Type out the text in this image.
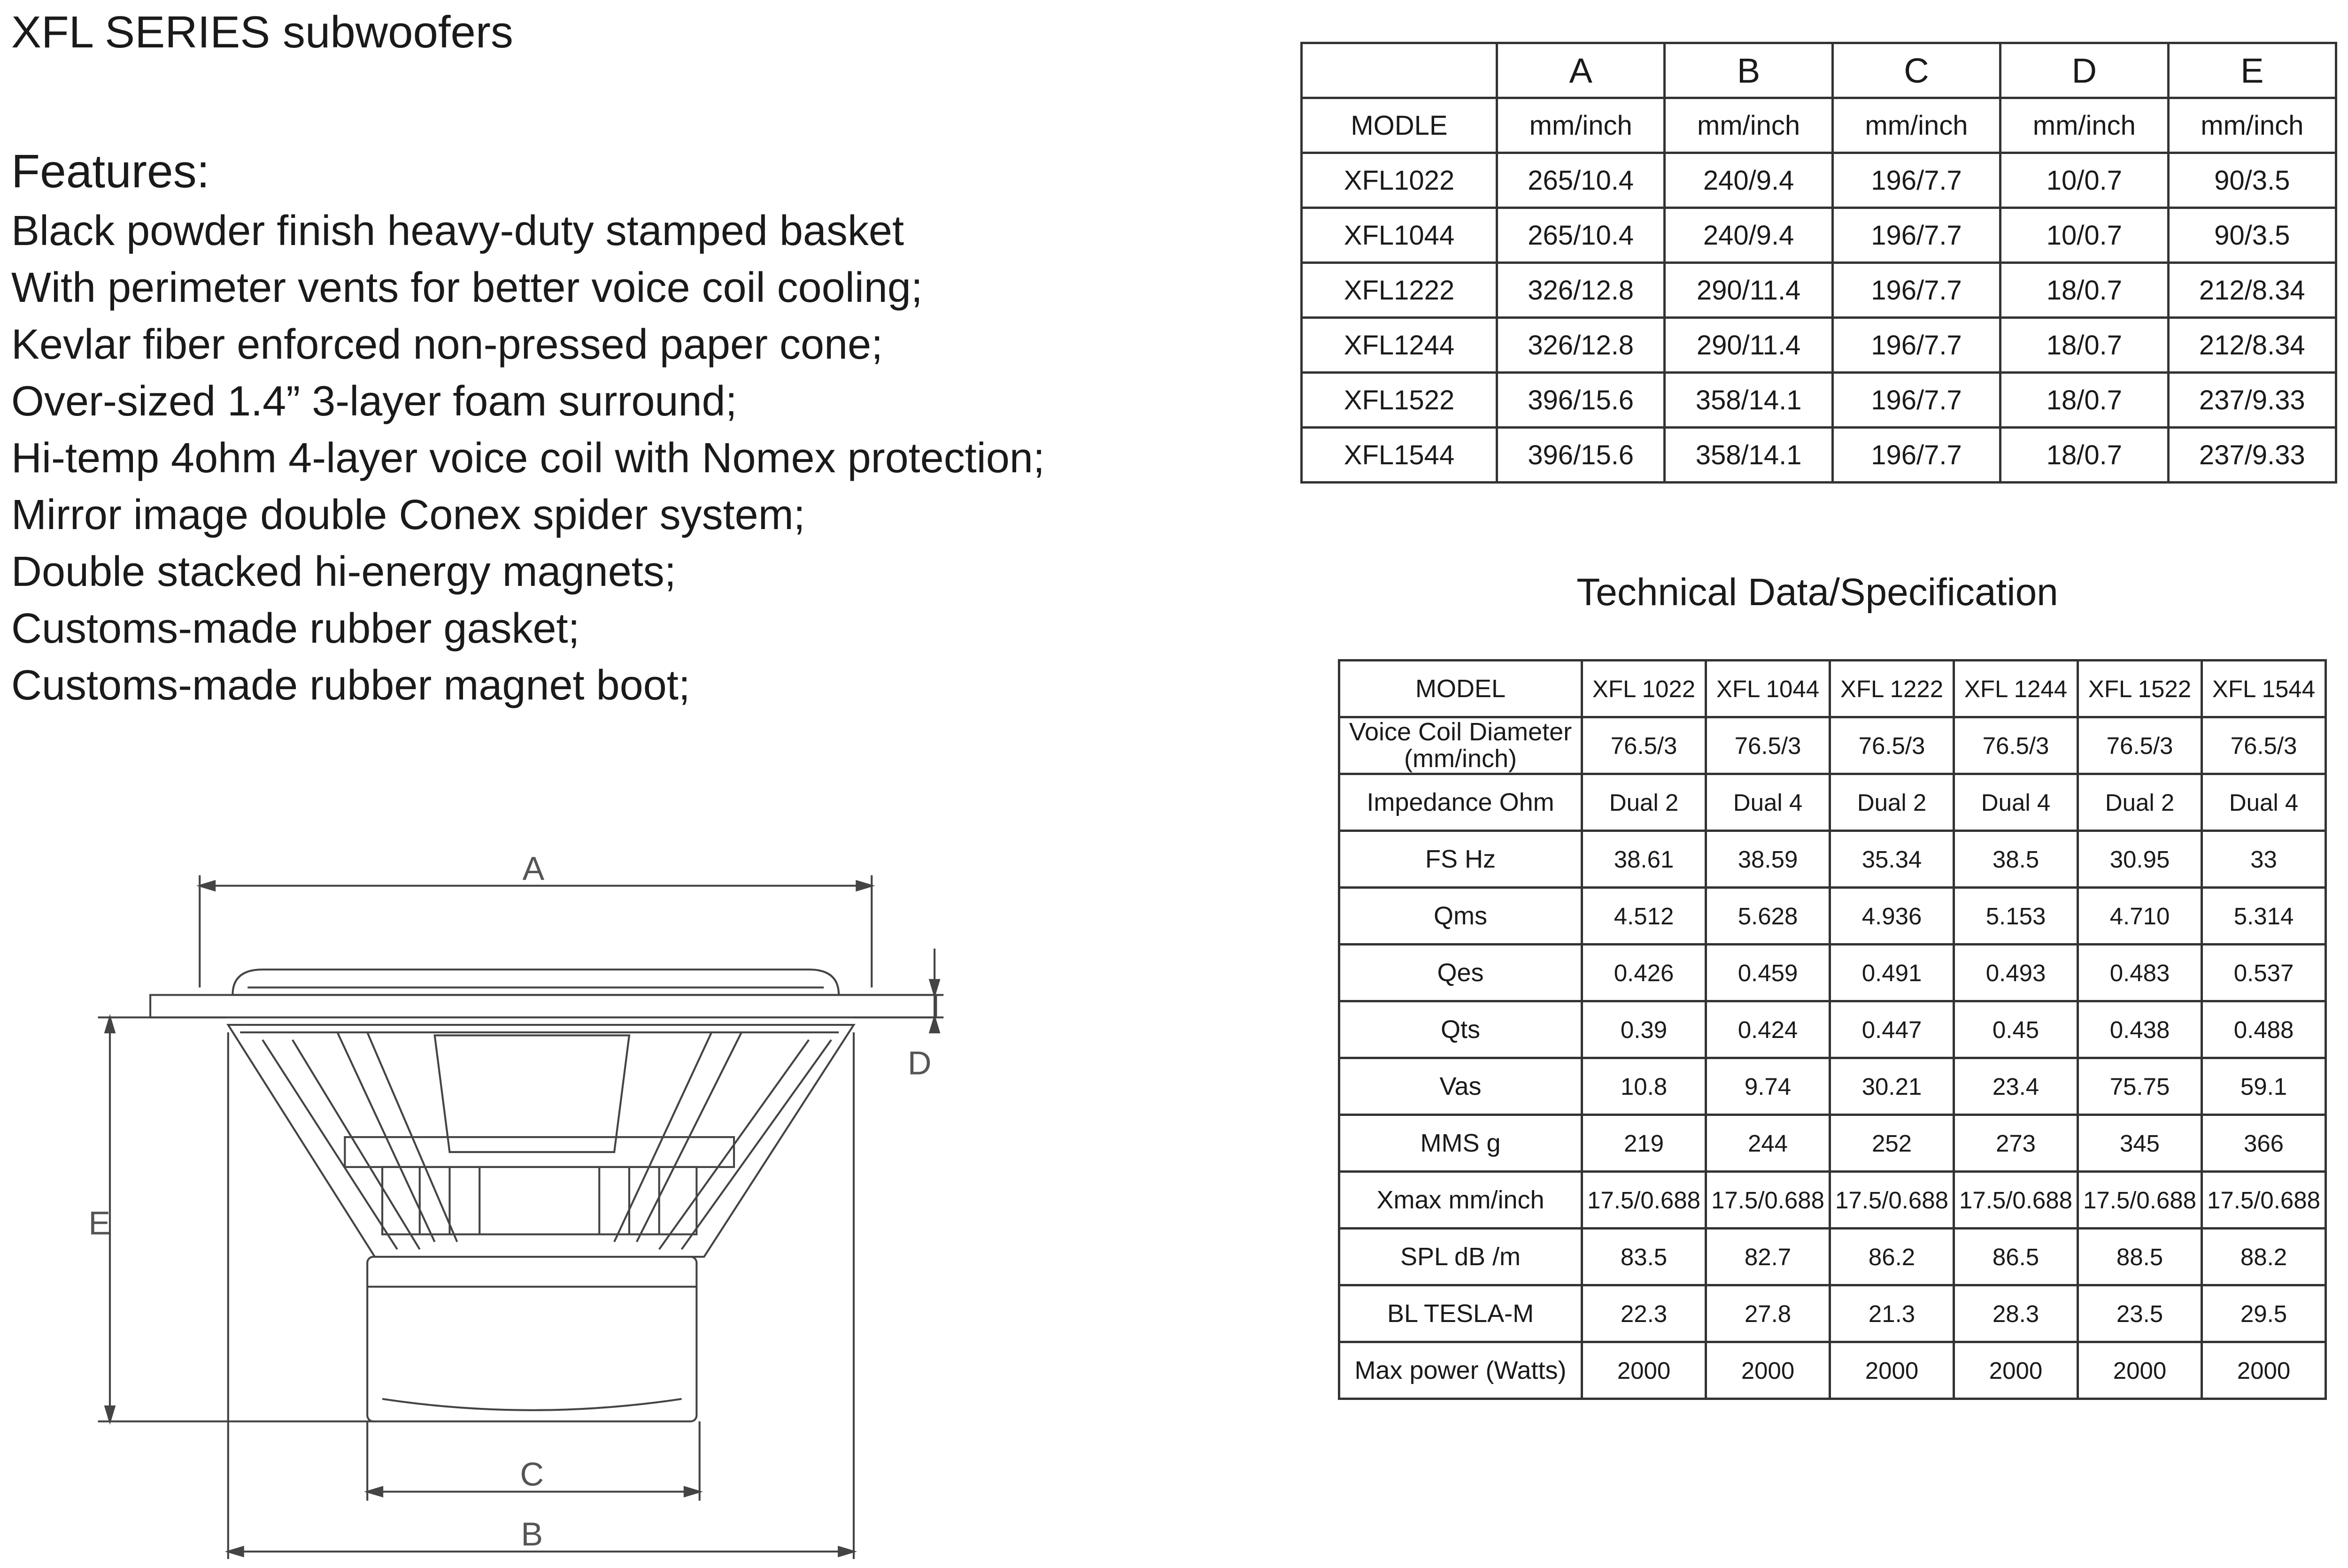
XFL SERIES subwoofers
Features:
Black powder finish heavy-duty stamped basket
With perimeter vents for better voice coil cooling;
Kevlar fiber enforced non-pressed paper cone;
Over-sized 1.4” 3-layer foam surround;
Hi-temp 4ohm 4-layer voice coil with Nomex protection;
Mirror image double Conex spider system;
Double stacked hi-energy magnets;
Customs-made rubber gasket;
Customs-made rubber magnet boot;
	A	B	C	D	E
MODLE	mm/inch	mm/inch	mm/inch	mm/inch	mm/inch
XFL1022	265/10.4	240/9.4	196/7.7	10/0.7	90/3.5
XFL1044	265/10.4	240/9.4	196/7.7	10/0.7	90/3.5
XFL1222	326/12.8	290/11.4	196/7.7	18/0.7	212/8.34
XFL1244	326/12.8	290/11.4	196/7.7	18/0.7	212/8.34
XFL1522	396/15.6	358/14.1	196/7.7	18/0.7	237/9.33
XFL1544	396/15.6	358/14.1	196/7.7	18/0.7	237/9.33
Technical Data/Specification
MODEL	XFL 1022	XFL 1044	XFL 1222	XFL 1244	XFL 1522	XFL 1544
Voice Coil Diameter (mm/inch)	76.5/3	76.5/3	76.5/3	76.5/3	76.5/3	76.5/3
Impedance Ohm	Dual 2	Dual 4	Dual 2	Dual 4	Dual 2	Dual 4
FS Hz	38.61	38.59	35.34	38.5	30.95	33
Qms	4.512	5.628	4.936	5.153	4.710	5.314
Qes	0.426	0.459	0.491	0.493	0.483	0.537
Qts	0.39	0.424	0.447	0.45	0.438	0.488
Vas	10.8	9.74	30.21	23.4	75.75	59.1
MMS g	219	244	252	273	345	366
Xmax mm/inch	17.5/0.688	17.5/0.688	17.5/0.688	17.5/0.688	17.5/0.688	17.5/0.688
SPL dB /m	83.5	82.7	86.2	86.5	88.5	88.2
BL TESLA-M	22.3	27.8	21.3	28.3	23.5	29.5
Max power (Watts)	2000	2000	2000	2000	2000	2000
A
D
E
C
B
